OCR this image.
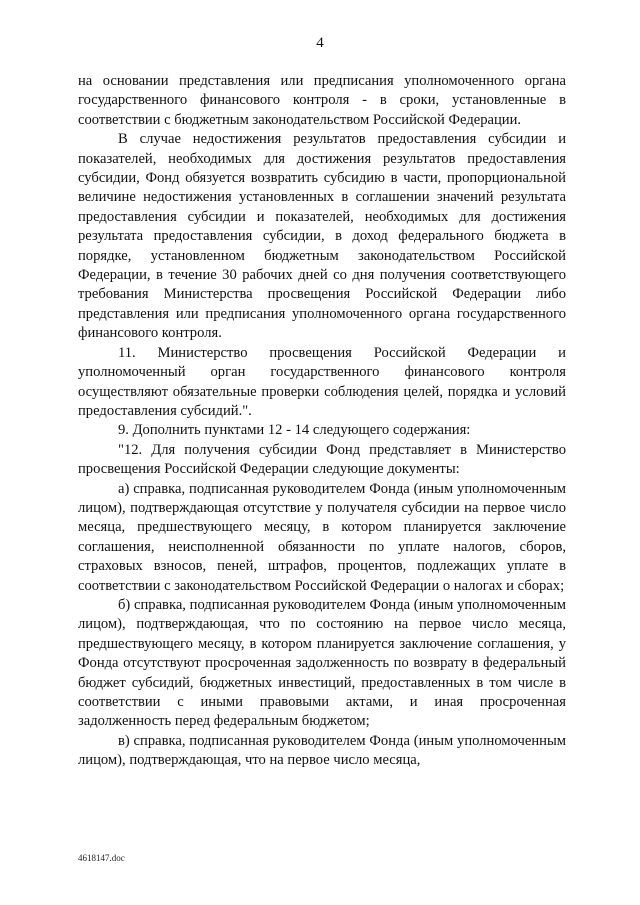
4

на основании представления или предписания уполномоченного органа государственного финансового контроля - в сроки, установленные в соответствии с бюджетным законодательством Российской Федерации.

В случае недостижения результатов предоставления субсидии и показателей, необходимых для достижения результатов предоставления субсидии, Фонд обязуется возвратить субсидию в части, пропорциональной величине недостижения установленных в соглашении значений результата предоставления субсидии и показателей, необходимых для достижения результата предоставления субсидии, в доход федерального бюджета в порядке, установленном бюджетным законодательством Российской Федерации, в течение 30 рабочих дней со дня получения соответствующего требования Министерства просвещения Российской Федерации либо представления или предписания уполномоченного органа государственного финансового контроля.

11. Министерство просвещения Российской Федерации и уполномоченный орган государственного финансового контроля осуществляют обязательные проверки соблюдения целей, порядка и условий предоставления субсидий.".

9. Дополнить пунктами 12 - 14 следующего содержания:

"12. Для получения субсидии Фонд представляет в Министерство просвещения Российской Федерации следующие документы:

а) справка, подписанная руководителем Фонда (иным уполномоченным лицом), подтверждающая отсутствие у получателя субсидии на первое число месяца, предшествующего месяцу, в котором планируется заключение соглашения, неисполненной обязанности по уплате налогов, сборов, страховых взносов, пеней, штрафов, процентов, подлежащих уплате в соответствии с законодательством Российской Федерации о налогах и сборах;

б) справка, подписанная руководителем Фонда (иным уполномоченным лицом), подтверждающая, что по состоянию на первое число месяца, предшествующего месяцу, в котором планируется заключение соглашения, у Фонда отсутствуют просроченная задолженность по возврату в федеральный бюджет субсидий, бюджетных инвестиций, предоставленных в том числе в соответствии с иными правовыми актами, и иная просроченная задолженность перед федеральным бюджетом;

в) справка, подписанная руководителем Фонда (иным уполномоченным лицом), подтверждающая, что на первое число месяца,

4618147.doc
